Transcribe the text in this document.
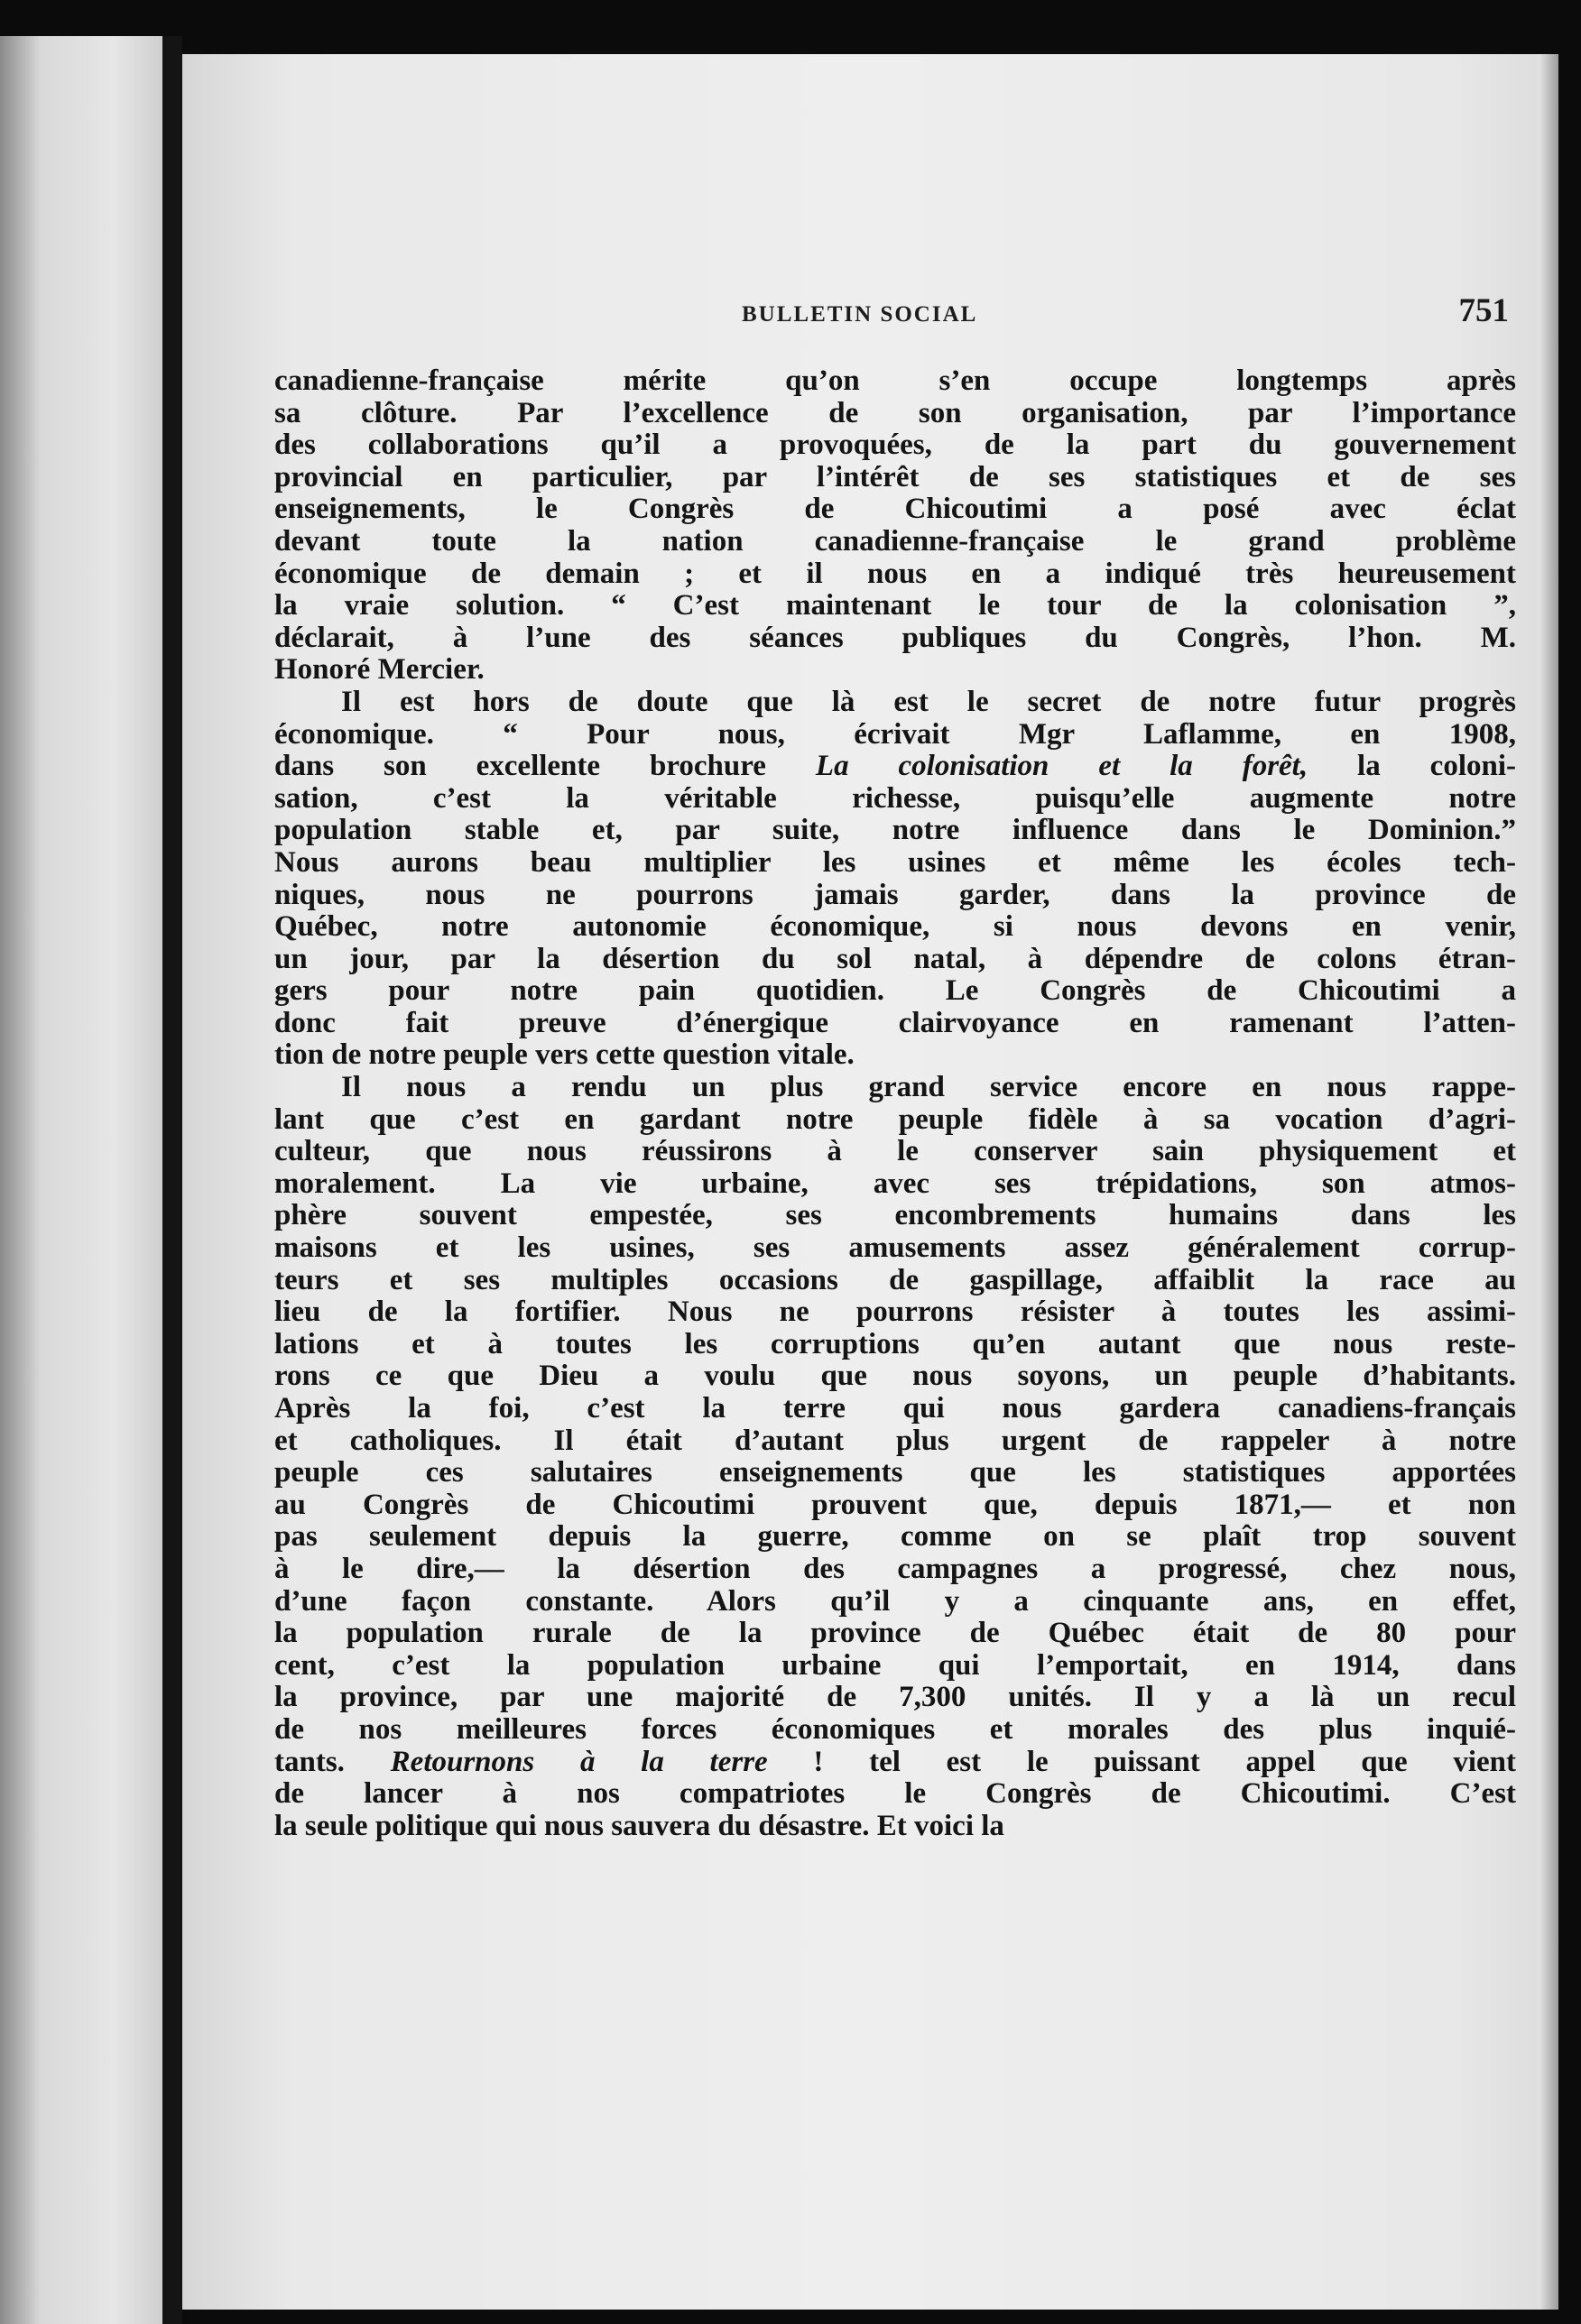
BULLETIN SOCIAL	751
canadienne-française mérite qu’on s’en occupe longtemps après
sa clôture. Par l’excellence de son organisation, par l’importance
des collaborations qu’il a provoquées, de la part du gouvernement
provincial en particulier, par l’intérêt de ses statistiques et de ses
enseignements, le Congrès de Chicoutimi a posé avec éclat
devant toute la nation canadienne-française le grand problème
économique de demain ; et il nous en a indiqué très heureusement
la vraie solution. “ C’est maintenant le tour de la colonisation ”,
déclarait, à l’une des séances publiques du Congrès, l’hon. M.
Honoré Mercier.
Il est hors de doute que là est le secret de notre futur progrès
économique. “ Pour nous, écrivait Mgr Laflamme, en 1908,
dans son excellente brochure La colonisation et la forêt, la coloni-
sation, c’est la véritable richesse, puisqu’elle augmente notre
population stable et, par suite, notre influence dans le Dominion.”
Nous aurons beau multiplier les usines et même les écoles tech-
niques, nous ne pourrons jamais garder, dans la province de
Québec, notre autonomie économique, si nous devons en venir,
un jour, par la désertion du sol natal, à dépendre de colons étran-
gers pour notre pain quotidien. Le Congrès de Chicoutimi a
donc fait preuve d’énergique clairvoyance en ramenant l’atten-
tion de notre peuple vers cette question vitale.
Il nous a rendu un plus grand service encore en nous rappe-
lant que c’est en gardant notre peuple fidèle à sa vocation d’agri-
culteur, que nous réussirons à le conserver sain physiquement et
moralement. La vie urbaine, avec ses trépidations, son atmos-
phère souvent empestée, ses encombrements humains dans les
maisons et les usines, ses amusements assez généralement corrup-
teurs et ses multiples occasions de gaspillage, affaiblit la race au
lieu de la fortifier. Nous ne pourrons résister à toutes les assimi-
lations et à toutes les corruptions qu’en autant que nous reste-
rons ce que Dieu a voulu que nous soyons, un peuple d’habitants.
Après la foi, c’est la terre qui nous gardera canadiens-français
et catholiques. Il était d’autant plus urgent de rappeler à notre
peuple ces salutaires enseignements que les statistiques apportées
au Congrès de Chicoutimi prouvent que, depuis 1871,— et non
pas seulement depuis la guerre, comme on se plaît trop souvent
à le dire,— la désertion des campagnes a progressé, chez nous,
d’une façon constante. Alors qu’il y a cinquante ans, en effet,
la population rurale de la province de Québec était de 80 pour
cent, c’est la population urbaine qui l’emportait, en 1914, dans
la province, par une majorité de 7,300 unités. Il y a là un recul
de nos meilleures forces économiques et morales des plus inquié-
tants. Retournons à la terre ! tel est le puissant appel que vient
de lancer à nos compatriotes le Congrès de Chicoutimi. C’est
la seule politique qui nous sauvera du désastre. Et voici la
